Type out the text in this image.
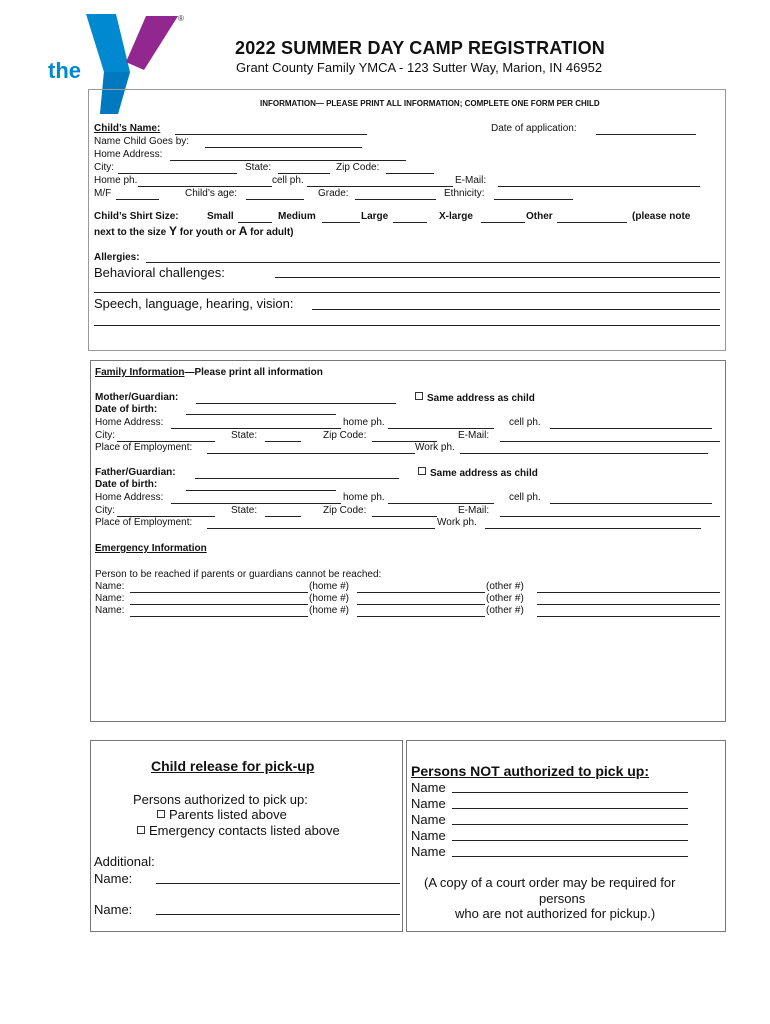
the
YMCA
®
2022 SUMMER DAY CAMP REGISTRATION
Grant County Family YMCA - 123 Sutter Way, Marion, IN 46952
INFORMATION— PLEASE PRINT ALL INFORMATION; COMPLETE ONE FORM PER CHILD
Child’s Name:	Date of application:
Name Child Goes by:
Home Address:
City:	State:	Zip Code:
Home ph.	cell ph.	E-Mail:
M/F	Child’s age:	Grade:	Ethnicity:
Child’s Shirt Size:	Small	Medium	Large	X-large	Other	(please note
next to the size Y for youth or A for adult)
Allergies:
Behavioral challenges:
Speech, language, hearing, vision:
Family Information—Please print all information
Mother/Guardian:	Same address as child
Date of birth:
Home Address:	home ph.	cell ph.
City:	State:	Zip Code:	E-Mail:
Place of Employment:	Work ph.
Father/Guardian:	Same address as child
Date of birth:
Home Address:	home ph.	cell ph.
City:	State:	Zip Code:	E-Mail:
Place of Employment:	Work ph.
Emergency Information
Person to be reached if parents or guardians cannot be reached:
Name:	(home #)	(other #)
Name:	(home #)	(other #)
Name:	(home #)	(other #)
Child release for pick-up
Persons authorized to pick up:
Parents listed above
Emergency contacts listed above
Additional:
Name:
Name:
Persons NOT authorized to pick up:
Name
Name
Name
Name
Name
(A copy of a court order may be required for
persons
who are not authorized for pickup.)
